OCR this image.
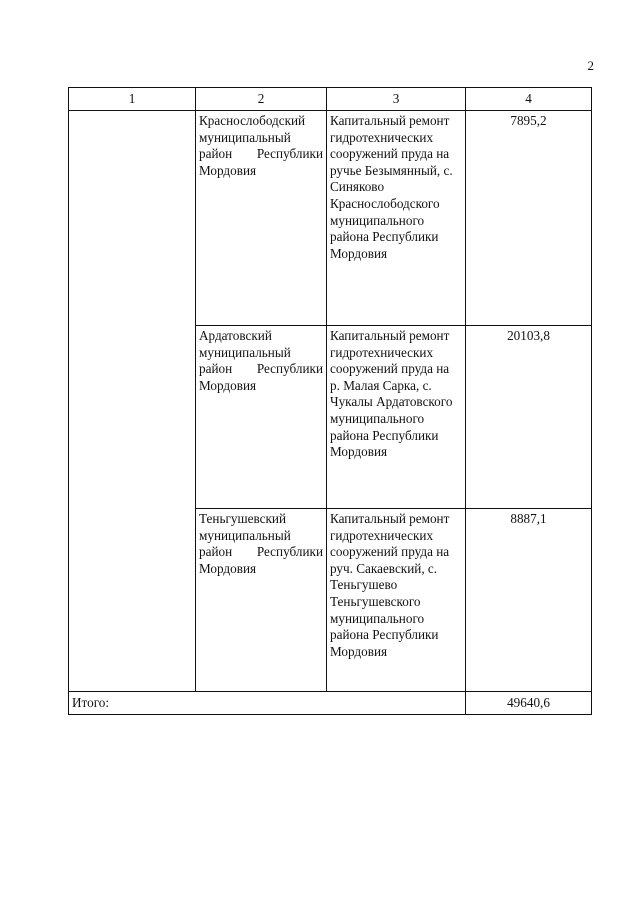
2
1	2	3	4
	Краснослободский муниципальный район Республики Мордовия	Капитальный ремонт гидротехнических сооружений пруда на ручье Безымянный, с. Синяково Краснослободского муниципального района Республики Мордовия	7895,2
	Ардатовский муниципальный район Республики Мордовия	Капитальный ремонт гидротехнических сооружений пруда на р. Малая Сарка, с. Чукалы Ардатовского муниципального района Республики Мордовия	20103,8
	Теньгушевский муниципальный район Республики Мордовия	Капитальный ремонт гидротехнических сооружений пруда на руч. Сакаевский, с. Теньгушево Теньгушевского муниципального района Республики Мордовия	8887,1
Итого:			49640,6
